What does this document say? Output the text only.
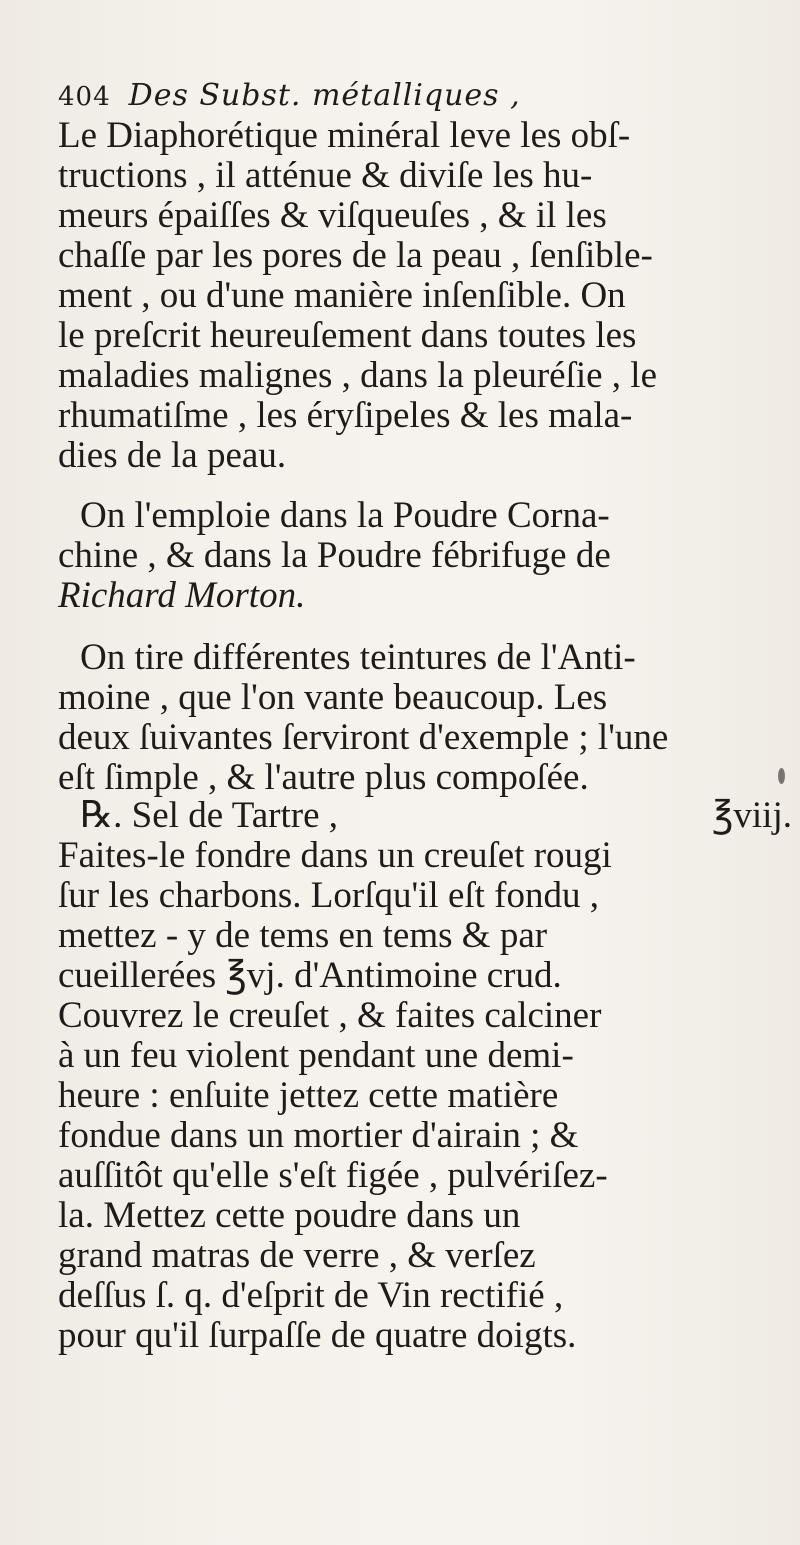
404 Des Subst. métalliques ,
Le Diaphorétique minéral leve les obſ-
tructions , il atténue & diviſe les hu-
meurs épaiſſes & viſqueuſes , & il les
chaſſe par les pores de la peau , ſenſible-
ment , ou d'une manière inſenſible. On
le preſcrit heureuſement dans toutes les
maladies malignes , dans la pleuréſie , le
rhumatiſme , les éryſipeles & les mala-
dies de la peau.
On l'emploie dans la Poudre Corna-
chine , & dans la Poudre fébrifuge de
Richard Morton.
On tire différentes teintures de l'Anti-
moine , que l'on vante beaucoup. Les
deux ſuivantes ſerviront d'exemple ; l'une
eſt ſimple , & l'autre plus compoſée.
℞. Sel de Tartre ,	℥viij.
Faites-le fondre dans un creuſet rougi
ſur les charbons. Lorſqu'il eſt fondu ,
mettez - y de tems en tems & par
cueillerées ℥vj. d'Antimoine crud.
Couvrez le creuſet , & faites calciner
à un feu violent pendant une demi-
heure : enſuite jettez cette matière
fondue dans un mortier d'airain ; &
auſſitôt qu'elle s'eſt figée , pulvériſez-
la. Mettez cette poudre dans un
grand matras de verre , & verſez
deſſus ſ. q. d'eſprit de Vin rectifié ,
pour qu'il ſurpaſſe de quatre doigts.
